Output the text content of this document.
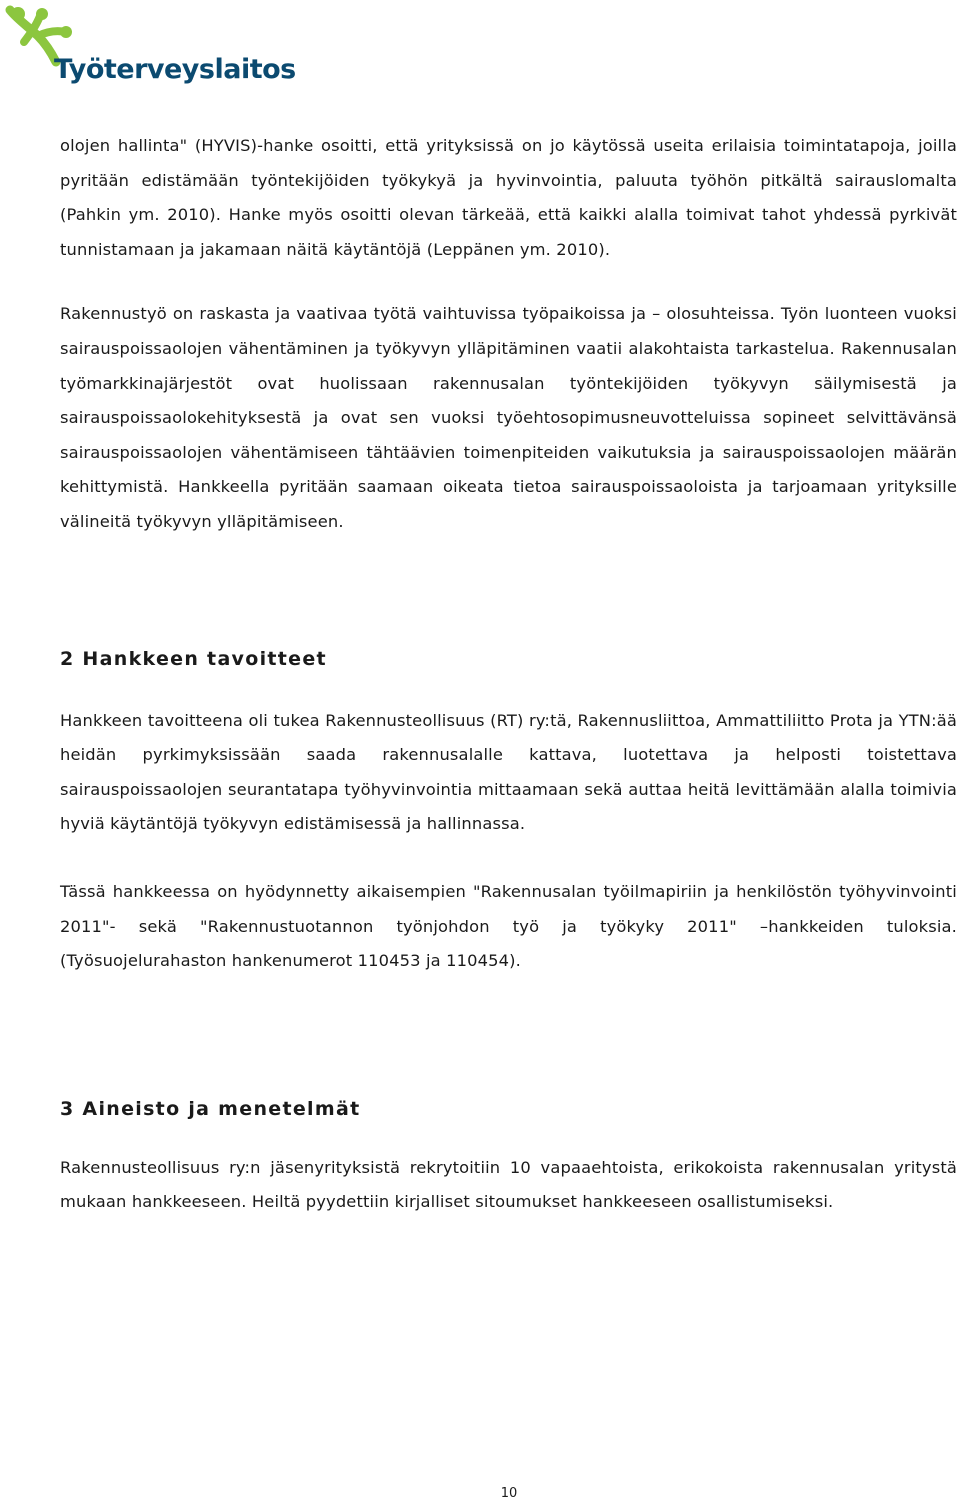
Työterveyslaitos

olojen hallinta" (HYVIS)-hanke osoitti, että yrityksissä on jo käytössä useita erilaisia toimintatapoja, joilla pyritään edistämään työntekijöiden työkykyä ja hyvinvointia, paluuta työhön pitkältä sairauslomalta (Pahkin ym. 2010). Hanke myös osoitti olevan tärkeää, että kaikki alalla toimivat tahot yhdessä pyrkivät tunnistamaan ja jakamaan näitä käytäntöjä (Leppänen ym. 2010).

Rakennustyö on raskasta ja vaativaa työtä vaihtuvissa työpaikoissa ja – olosuhteissa. Työn luonteen vuoksi sairauspoissaolojen vähentäminen ja työkyvyn ylläpitäminen vaatii alakohtaista tarkastelua. Rakennusalan työmarkkinajärjestöt ovat huolissaan rakennusalan työntekijöiden työkyvyn säilymisestä ja sairauspoissaolokehityksestä ja ovat sen vuoksi työehtosopimusneuvotteluissa sopineet selvittävänsä sairauspoissaolojen vähentämiseen tähtäävien toimenpiteiden vaikutuksia ja sairauspoissaolojen määrän kehittymistä. Hankkeella pyritään saamaan oikeata tietoa sairauspoissaoloista ja tarjoamaan yrityksille välineitä työkyvyn ylläpitämiseen.

2 Hankkeen tavoitteet

Hankkeen tavoitteena oli tukea Rakennusteollisuus (RT) ry:tä, Rakennusliittoa, Ammattiliitto Prota ja YTN:ää heidän pyrkimyksissään saada rakennusalalle kattava, luotettava ja helposti toistettava sairauspoissaolojen seurantatapa työhyvinvointia mittaamaan sekä auttaa heitä levittämään alalla toimivia hyviä käytäntöjä työkyvyn edistämisessä ja hallinnassa.

Tässä hankkeessa on hyödynnetty aikaisempien "Rakennusalan työilmapiriin ja henkilöstön työhyvinvointi 2011"- sekä "Rakennustuotannon työnjohdon työ ja työkyky 2011" –hankkeiden tuloksia. (Työsuojelurahaston hankenumerot 110453 ja 110454).

3 Aineisto ja menetelmät

Rakennusteollisuus ry:n jäsenyrityksistä rekrytoitiin 10 vapaaehtoista, erikokoista rakennusalan yritystä mukaan hankkeeseen. Heiltä pyydettiin kirjalliset sitoumukset hankkeeseen osallistumiseksi.

10
